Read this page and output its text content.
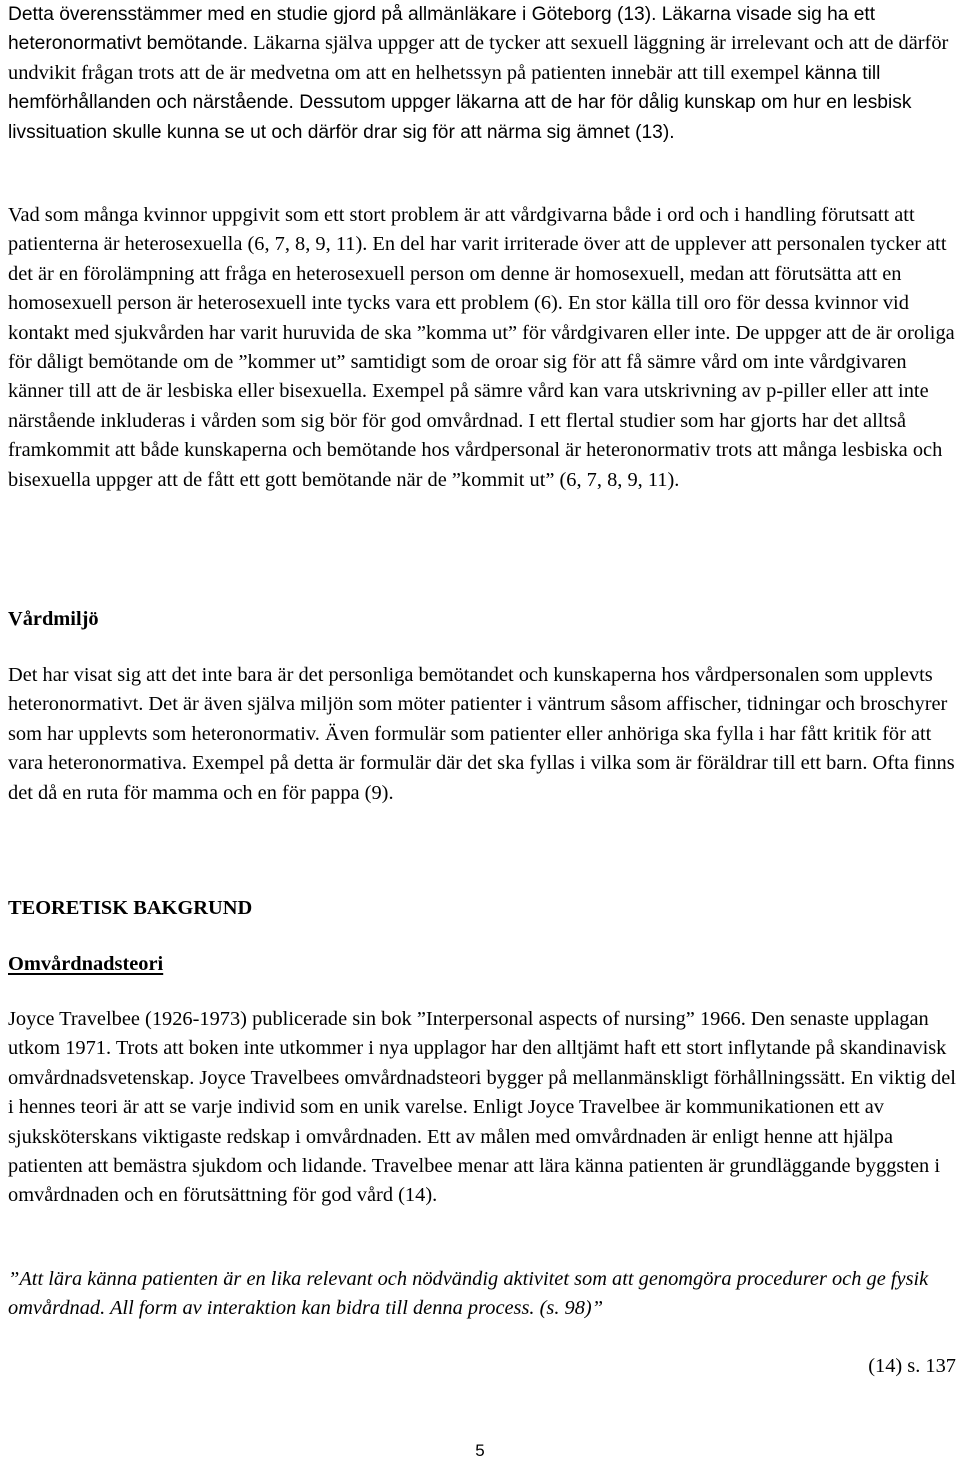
Detta överensstämmer med en studie gjord på allmänläkare i Göteborg (13). Läkarna visade sig ha ett heteronormativt bemötande. Läkarna själva uppger att de tycker att sexuell läggning är irrelevant och att de därför undvikit frågan trots att de är medvetna om att en helhetssyn på patienten innebär att till exempel känna till hemförhållanden och närstående. Dessutom uppger läkarna att de har för dålig kunskap om hur en lesbisk livssituation skulle kunna se ut och därför drar sig för att närma sig ämnet (13).

Vad som många kvinnor uppgivit som ett stort problem är att vårdgivarna både i ord och i handling förutsatt att patienterna är heterosexuella (6, 7, 8, 9, 11). En del har varit irriterade över att de upplever att personalen tycker att det är en förolämpning att fråga en heterosexuell person om denne är homosexuell, medan att förutsätta att en homosexuell person är heterosexuell inte tycks vara ett problem (6). En stor källa till oro för dessa kvinnor vid kontakt med sjukvården har varit huruvida de ska ”komma ut” för vårdgivaren eller inte. De uppger att de är oroliga för dåligt bemötande om de ”kommer ut” samtidigt som de oroar sig för att få sämre vård om inte vårdgivaren känner till att de är lesbiska eller bisexuella. Exempel på sämre vård kan vara utskrivning av p-piller eller att inte närstående inkluderas i vården som sig bör för god omvårdnad. I ett flertal studier som har gjorts har det alltså framkommit att både kunskaperna och bemötande hos vårdpersonal är heteronormativ trots att många lesbiska och bisexuella uppger att de fått ett gott bemötande när de ”kommit ut” (6, 7, 8, 9, 11).

Vårdmiljö

Det har visat sig att det inte bara är det personliga bemötandet och kunskaperna hos vårdpersonalen som upplevts heteronormativt. Det är även själva miljön som möter patienter i väntrum såsom affischer, tidningar och broschyrer som har upplevts som heteronormativ. Även formulär som patienter eller anhöriga ska fylla i har fått kritik för att vara heteronormativa. Exempel på detta är formulär där det ska fyllas i vilka som är föräldrar till ett barn. Ofta finns det då en ruta för mamma och en för pappa (9).

TEORETISK BAKGRUND

Omvårdnadsteori

Joyce Travelbee (1926-1973) publicerade sin bok ”Interpersonal aspects of nursing” 1966. Den senaste upplagan utkom 1971. Trots att boken inte utkommer i nya upplagor har den alltjämt haft ett stort inflytande på skandinavisk omvårdnadsvetenskap. Joyce Travelbees omvårdnadsteori bygger på mellanmänskligt förhållningssätt. En viktig del i hennes teori är att se varje individ som en unik varelse. Enligt Joyce Travelbee är kommunikationen ett av sjuksköterskans viktigaste redskap i omvårdnaden. Ett av målen med omvårdnaden är enligt henne att hjälpa patienten att bemästra sjukdom och lidande. Travelbee menar att lära känna patienten är grundläggande byggsten i omvårdnaden och en förutsättning för god vård (14).

”Att lära känna patienten är en lika relevant och nödvändig aktivitet som att genomgöra procedurer och ge fysik omvårdnad. All form av interaktion kan bidra till denna process. (s. 98)”

(14) s. 137

5
